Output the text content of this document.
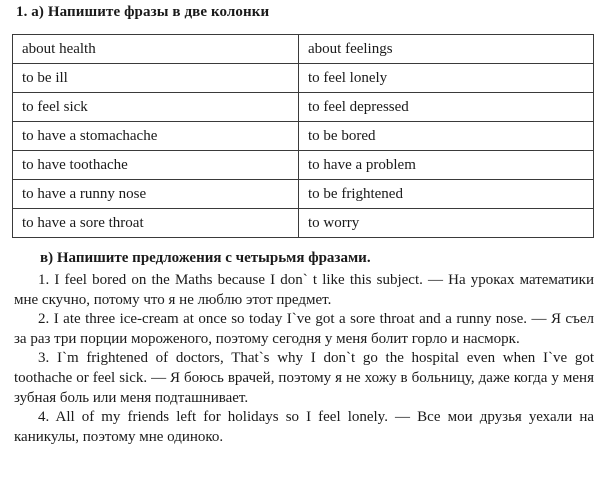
1. а) Напишите фразы в две колонки
about health	about feelings
to be ill	to feel lonely
to feel sick	to feel depressed
to have a stomachache	to be bored
to have toothache	to have a problem
to have a runny nose	to be frightened
to have a sore throat	to worry
в) Напишите предложения с четырьмя фразами.

1. I feel bored on the Maths because I don` t like this subject. — На уроках математики мне скучно, потому что я не люблю этот предмет.

2. I ate three ice-cream at once so today I`ve got a sore throat and a runny nose. — Я съел за раз три порции мороженого, поэтому сегодня у меня болит горло и насморк.

3. I`m frightened of doctors, That`s why I don`t go the hospital even when I`ve got toothache or feel sick. — Я боюсь врачей, поэтому я не хожу в больницу, даже когда у меня зубная боль или меня подташнивает.

4. All of my friends left for holidays so I feel lonely. — Все мои друзья уехали на каникулы, поэтому мне одиноко.
